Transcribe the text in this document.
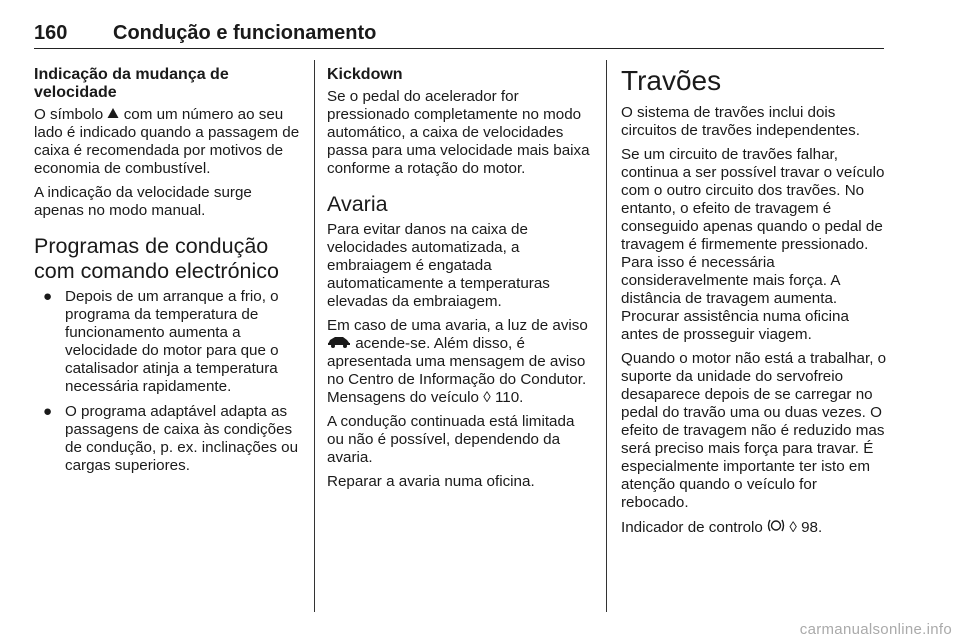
160 Condução e funcionamento
Indicação da mudança de velocidade

O símbolo com um número ao seu lado é indicado quando a passagem de caixa é recomendada por motivos de economia de combustível.

A indicação da velocidade surge apenas no modo manual.

Programas de condução com comando electrónico
● Depois de um arranque a frio, o programa da temperatura de funcionamento aumenta a velocidade do motor para que o catalisador atinja a temperatura necessária rapidamente.
● O programa adaptável adapta as passagens de caixa às condições de condução, p. ex. inclinações ou cargas superiores.
Kickdown

Se o pedal do acelerador for pressionado completamente no modo automático, a caixa de velocidades passa para uma velocidade mais baixa conforme a rotação do motor.

Avaria

Para evitar danos na caixa de velocidades automatizada, a embraiagem é engatada automaticamente a temperaturas elevadas da embraiagem.

Em caso de uma avaria, a luz de aviso  acende-se. Além disso, é apresentada uma mensagem de aviso no Centro de Informação do Condutor. Mensagens do veículo ◊ 110.

A condução continuada está limitada ou não é possível, dependendo da avaria.

Reparar a avaria numa oficina.

Travões

O sistema de travões inclui dois circuitos de travões independentes.

Se um circuito de travões falhar, continua a ser possível travar o veículo com o outro circuito dos travões. No entanto, o efeito de travagem é conseguido apenas quando o pedal de travagem é firmemente pressionado. Para isso é necessária consideravelmente mais força. A distância de travagem aumenta. Procurar assistência numa oficina antes de prosseguir viagem.

Quando o motor não está a trabalhar, o suporte da unidade do servofreio desaparece depois de se carregar no pedal do travão uma ou duas vezes. O efeito de travagem não é reduzido mas será preciso mais força para travar. É especialmente importante ter isto em atenção quando o veículo for rebocado.

Indicador de controlo ◊ 98.

carmanualsonline.info
